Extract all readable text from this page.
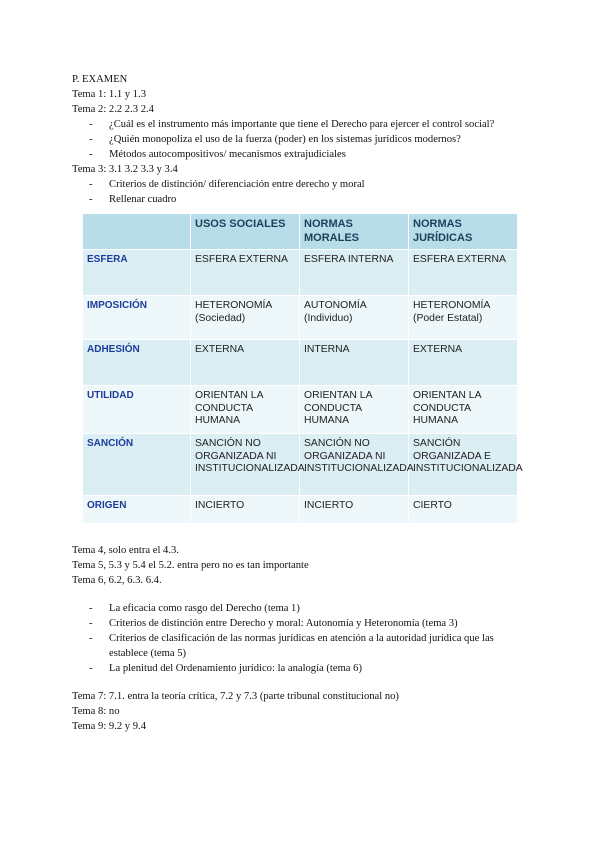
P. EXAMEN
Tema 1: 1.1 y 1.3
Tema 2: 2.2 2.3 2.4
- ¿Cuál es el instrumento más importante que tiene el Derecho para ejercer el control social?
- ¿Quién monopoliza el uso de la fuerza (poder) en los sistemas jurídicos modernos?
- Métodos autocompositivos/ mecanismos extrajudiciales
Tema 3: 3.1 3.2 3.3 y 3.4
- Criterios de distinción/ diferenciación entre derecho y moral
- Rellenar cuadro
	USOS SOCIALES	NORMAS MORALES	NORMAS JURÍDICAS
ESFERA	ESFERA EXTERNA	ESFERA INTERNA	ESFERA EXTERNA
IMPOSICIÓN	HETERONOMÍA (Sociedad)	AUTONOMÍA (Individuo)	HETERONOMÍA (Poder Estatal)
ADHESIÓN	EXTERNA	INTERNA	EXTERNA
UTILIDAD	ORIENTAN LA CONDUCTA HUMANA	ORIENTAN LA CONDUCTA HUMANA	ORIENTAN LA CONDUCTA HUMANA
SANCIÓN	SANCIÓN NO ORGANIZADA NI INSTITUCIONALIZADA	SANCIÓN NO ORGANIZADA NI INSTITUCIONALIZADA	SANCIÓN ORGANIZADA E INSTITUCIONALIZADA
ORIGEN	INCIERTO	INCIERTO	CIERTO
Tema 4, solo entra el 4.3.
Tema 5, 5.3 y 5.4 el 5.2. entra pero no es tan importante
Tema 6, 6.2, 6.3. 6.4.
- La eficacia como rasgo del Derecho (tema 1)
- Criterios de distinción entre Derecho y moral: Autonomía y Heteronomía (tema 3)
- Criterios de clasificación de las normas jurídicas en atención a la autoridad jurídica que las establece (tema 5)
- La plenitud del Ordenamiento jurídico: la analogía (tema 6)
Tema 7: 7.1. entra la teoría crítica, 7.2 y 7.3 (parte tribunal constitucional no)
Tema 8: no
Tema 9: 9.2 y 9.4
